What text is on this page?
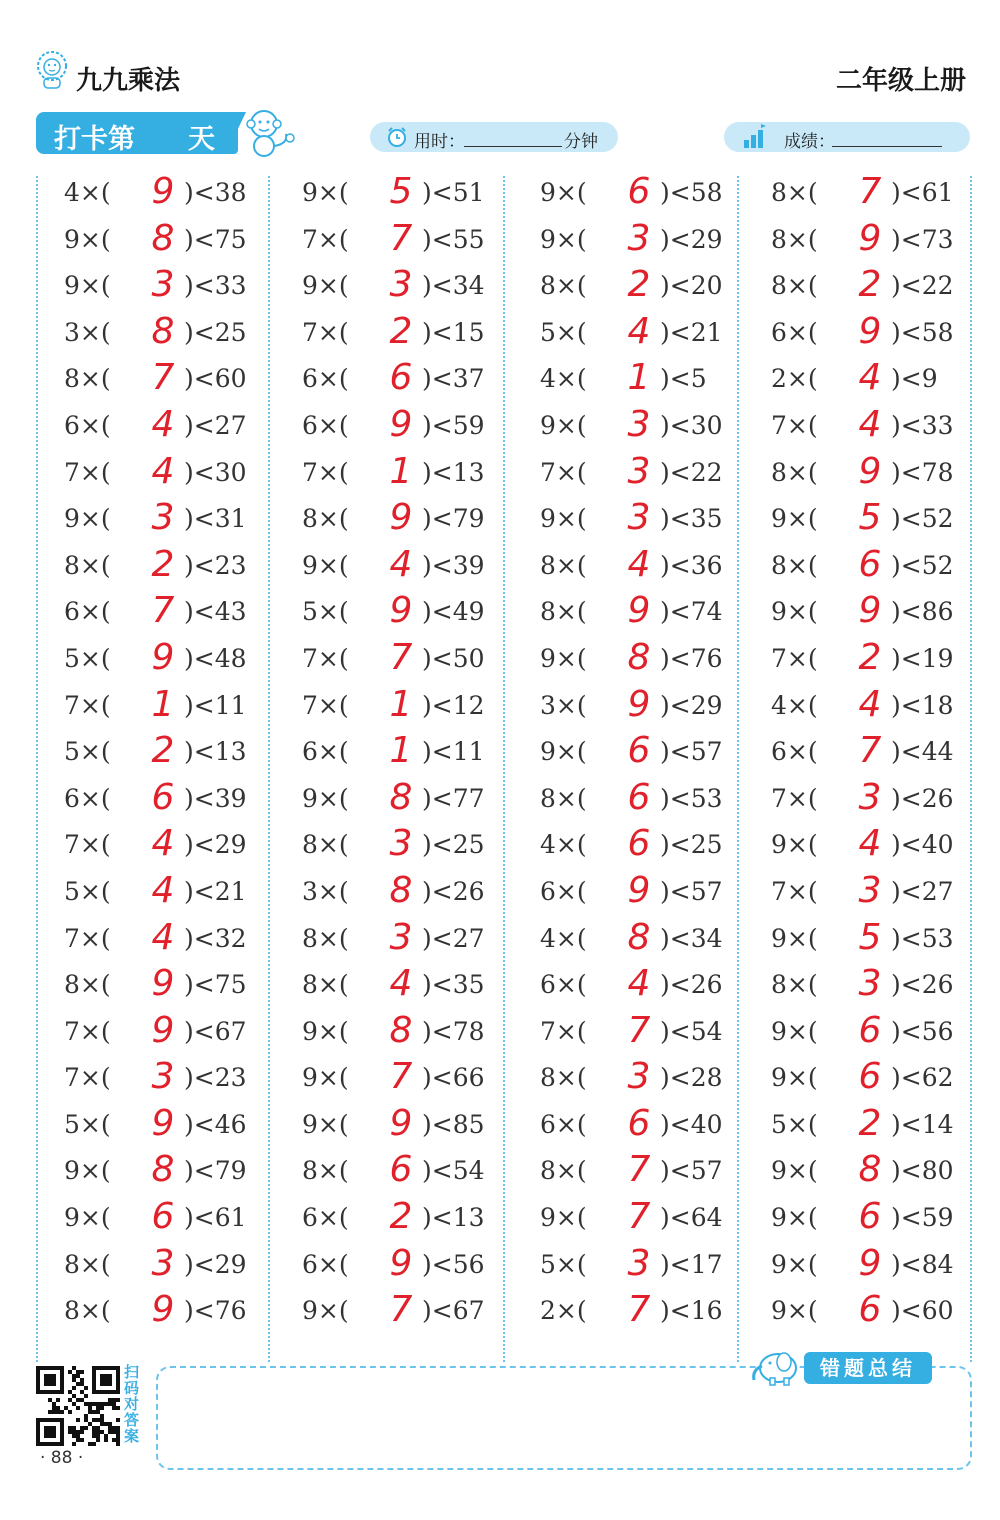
九九乘法	二年级上册
打卡第 天	用时：	分钟	成绩：
4×( 9 )<38
9×( 8 )<75
9×( 3 )<33
3×( 8 )<25
8×( 7 )<60
6×( 4 )<27
7×( 4 )<30
9×( 3 )<31
8×( 2 )<23
6×( 7 )<43
5×( 9 )<48
7×( 1 )<11
5×( 2 )<13
6×( 6 )<39
7×( 4 )<29
5×( 4 )<21
7×( 4 )<32
8×( 9 )<75
7×( 9 )<67
7×( 3 )<23
5×( 9 )<46
9×( 8 )<79
9×( 6 )<61
8×( 3 )<29
8×( 9 )<76
9×( 5 )<51
7×( 7 )<55
9×( 3 )<34
7×( 2 )<15
6×( 6 )<37
6×( 9 )<59
7×( 1 )<13
8×( 9 )<79
9×( 4 )<39
5×( 9 )<49
7×( 7 )<50
7×( 1 )<12
6×( 1 )<11
9×( 8 )<77
8×( 3 )<25
3×( 8 )<26
8×( 3 )<27
8×( 4 )<35
9×( 8 )<78
9×( 7 )<66
9×( 9 )<85
8×( 6 )<54
6×( 2 )<13
6×( 9 )<56
9×( 7 )<67
9×( 6 )<58
9×( 3 )<29
8×( 2 )<20
5×( 4 )<21
4×( 1 )<5
9×( 3 )<30
7×( 3 )<22
9×( 3 )<35
8×( 4 )<36
8×( 9 )<74
9×( 8 )<76
3×( 9 )<29
9×( 6 )<57
8×( 6 )<53
4×( 6 )<25
6×( 9 )<57
4×( 8 )<34
6×( 4 )<26
7×( 7 )<54
8×( 3 )<28
6×( 6 )<40
8×( 7 )<57
9×( 7 )<64
5×( 3 )<17
2×( 7 )<16
8×( 7 )<61
8×( 9 )<73
8×( 2 )<22
6×( 9 )<58
2×( 4 )<9
7×( 4 )<33
8×( 9 )<78
9×( 5 )<52
8×( 6 )<52
9×( 9 )<86
7×( 2 )<19
4×( 4 )<18
6×( 7 )<44
7×( 3 )<26
9×( 4 )<40
7×( 3 )<27
9×( 5 )<53
8×( 3 )<26
9×( 6 )<56
9×( 6 )<62
5×( 2 )<14
9×( 8 )<80
9×( 6 )<59
9×( 9 )<84
9×( 6 )<60
扫码对答案
· 88 ·
错题总结
